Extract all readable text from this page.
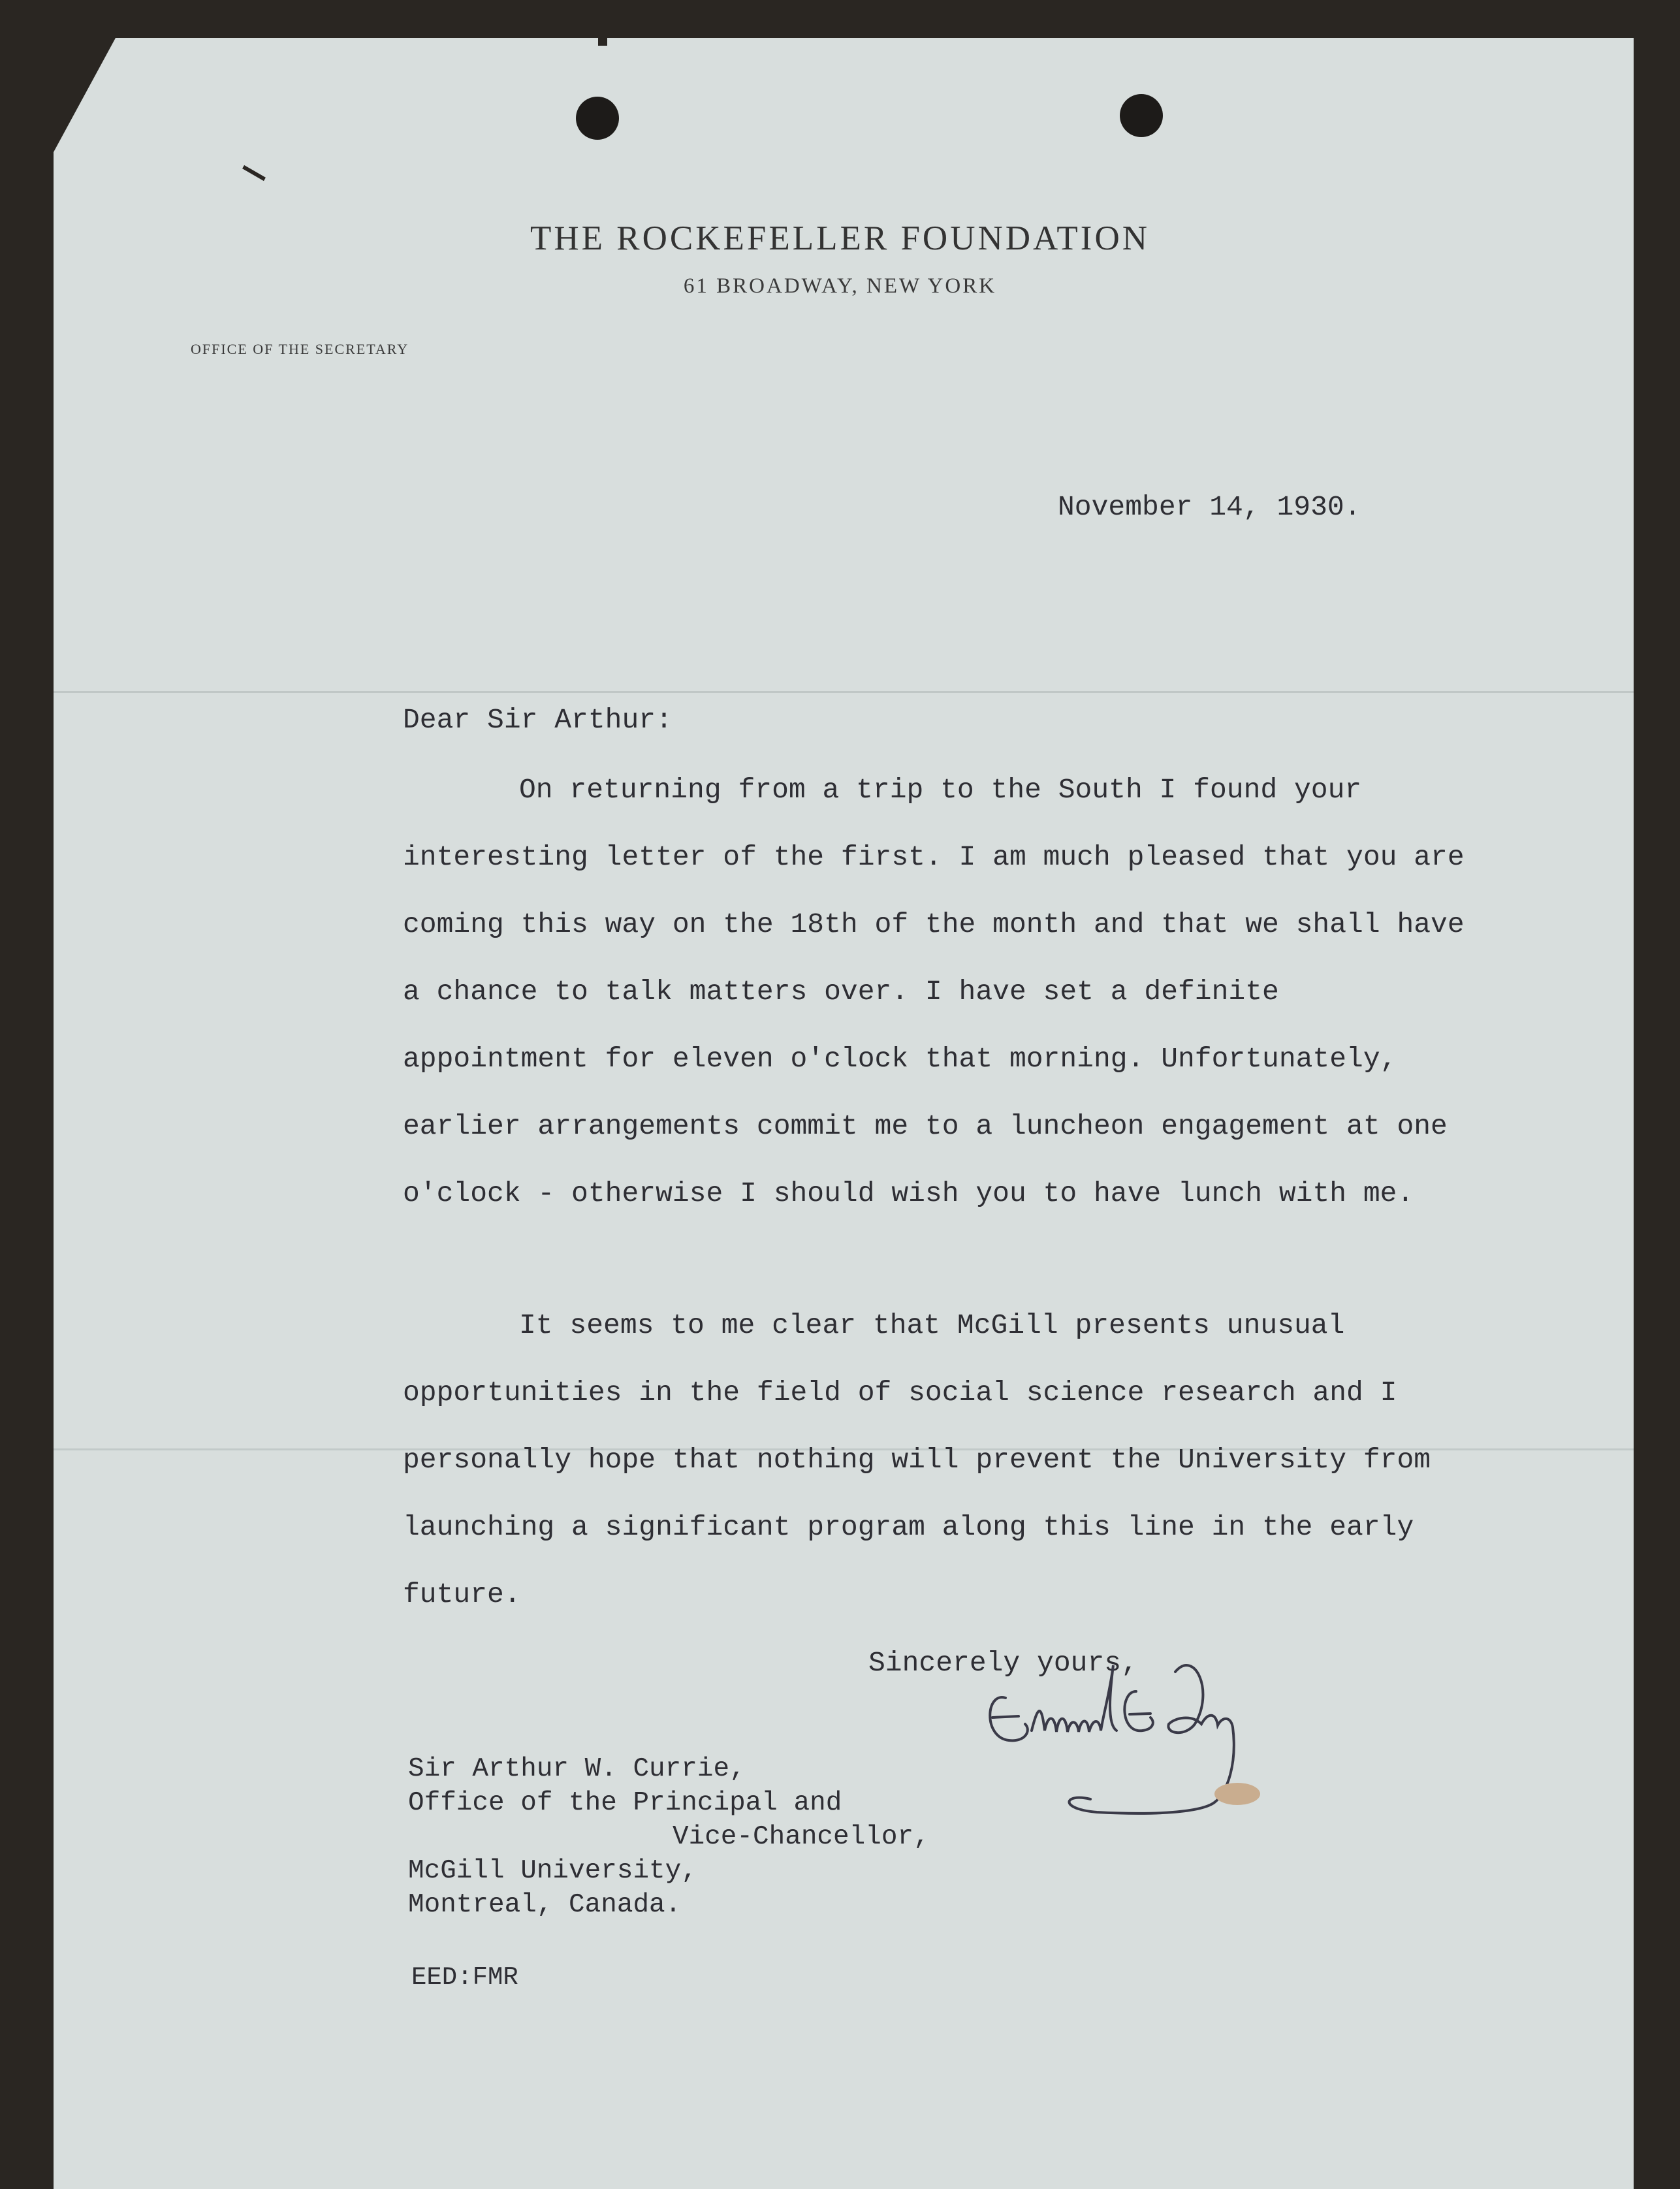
THE ROCKEFELLER FOUNDATION
61 BROADWAY, NEW YORK
OFFICE OF THE SECRETARY
November 14, 1930.
Dear Sir Arthur:
On returning from a trip to the South I found your interesting letter of the first. I am much pleased that you are coming this way on the 18th of the month and that we shall have a chance to talk matters over. I have set a definite appointment for eleven o'clock that morning. Unfortunately, earlier arrangements commit me to a luncheon engagement at one o'clock - otherwise I should wish you to have lunch with me.
It seems to me clear that McGill presents unusual opportunities in the field of social science research and I personally hope that nothing will prevent the University from launching a significant program along this line in the early future.
Sincerely yours,
Sir Arthur W. Currie,
Office of the Principal and
Vice-Chancellor,
McGill University,
Montreal, Canada.
EED:FMR
